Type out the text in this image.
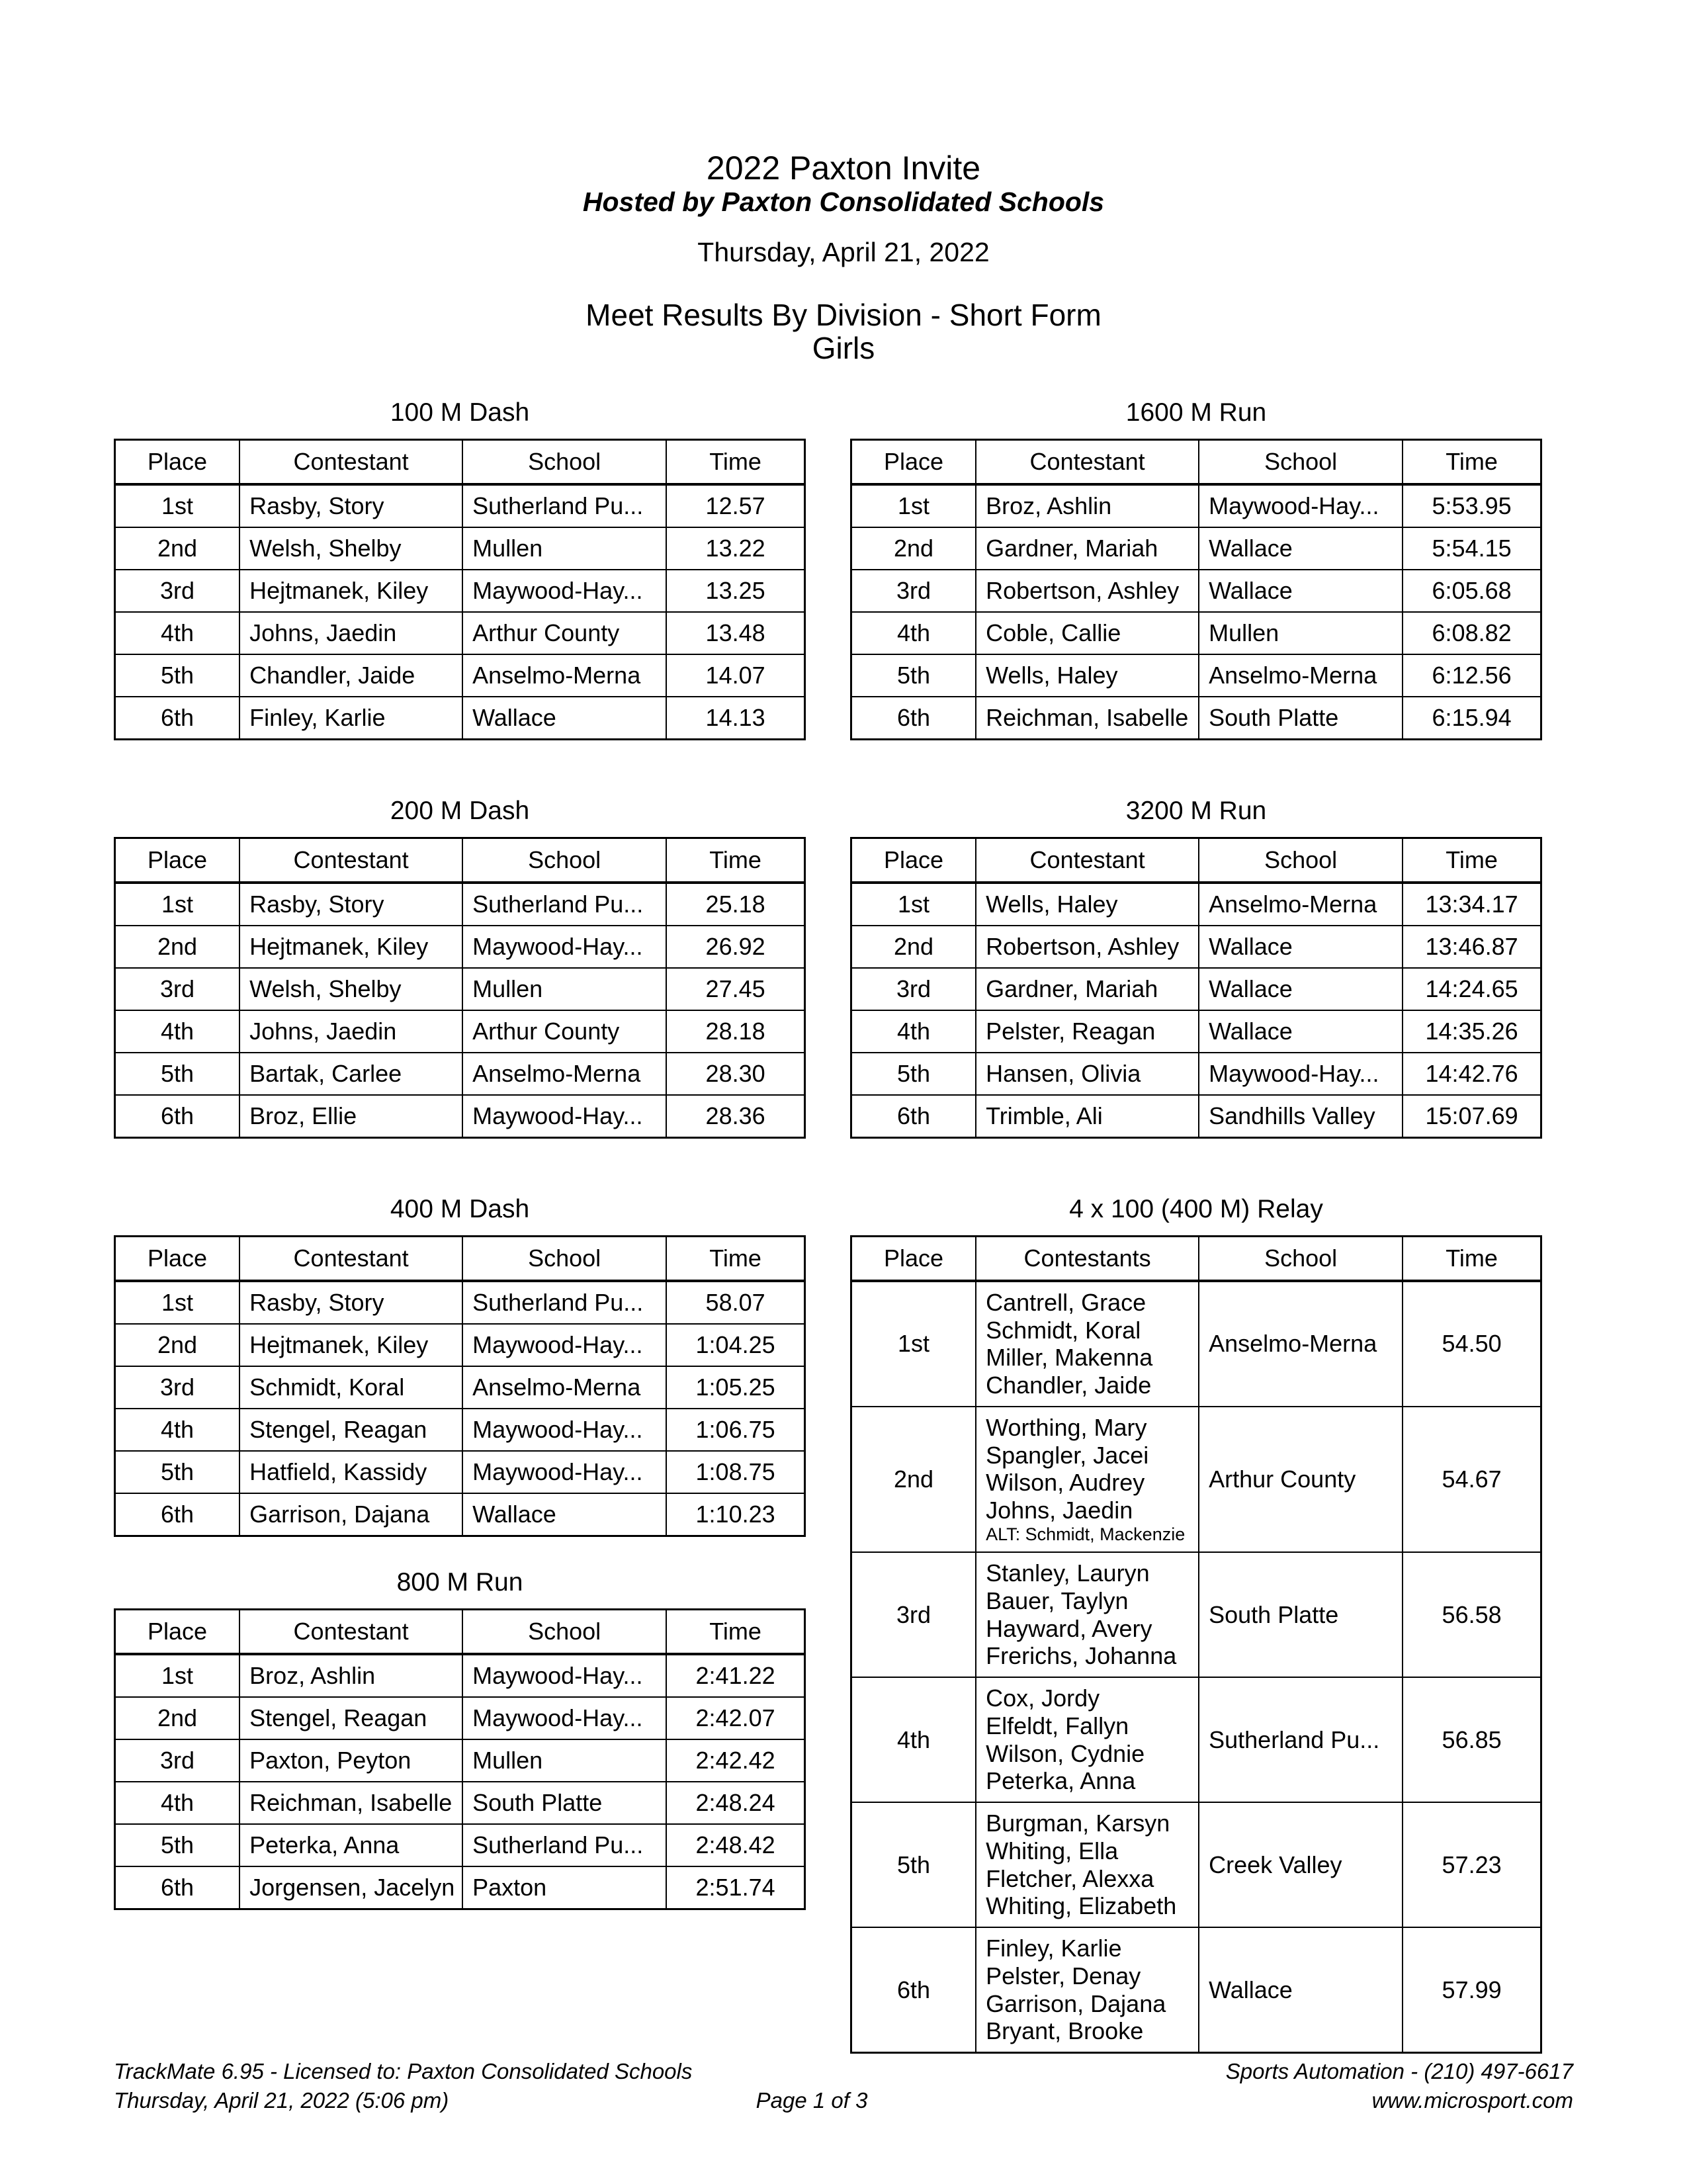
2022 Paxton Invite
Hosted by Paxton Consolidated Schools
Thursday, April 21, 2022
Meet Results By Division - Short Form
Girls
100 M Dash
Place	Contestant	School	Time
1st	Rasby, Story	Sutherland Pu...	12.57
2nd	Welsh, Shelby	Mullen	13.22
3rd	Hejtmanek, Kiley	Maywood-Hay...	13.25
4th	Johns, Jaedin	Arthur County	13.48
5th	Chandler, Jaide	Anselmo-Merna	14.07
6th	Finley, Karlie	Wallace	14.13
200 M Dash
Place	Contestant	School	Time
1st	Rasby, Story	Sutherland Pu...	25.18
2nd	Hejtmanek, Kiley	Maywood-Hay...	26.92
3rd	Welsh, Shelby	Mullen	27.45
4th	Johns, Jaedin	Arthur County	28.18
5th	Bartak, Carlee	Anselmo-Merna	28.30
6th	Broz, Ellie	Maywood-Hay...	28.36
400 M Dash
Place	Contestant	School	Time
1st	Rasby, Story	Sutherland Pu...	58.07
2nd	Hejtmanek, Kiley	Maywood-Hay...	1:04.25
3rd	Schmidt, Koral	Anselmo-Merna	1:05.25
4th	Stengel, Reagan	Maywood-Hay...	1:06.75
5th	Hatfield, Kassidy	Maywood-Hay...	1:08.75
6th	Garrison, Dajana	Wallace	1:10.23
800 M Run
Place	Contestant	School	Time
1st	Broz, Ashlin	Maywood-Hay...	2:41.22
2nd	Stengel, Reagan	Maywood-Hay...	2:42.07
3rd	Paxton, Peyton	Mullen	2:42.42
4th	Reichman, Isabelle	South Platte	2:48.24
5th	Peterka, Anna	Sutherland Pu...	2:48.42
6th	Jorgensen, Jacelyn	Paxton	2:51.74
1600 M Run
Place	Contestant	School	Time
1st	Broz, Ashlin	Maywood-Hay...	5:53.95
2nd	Gardner, Mariah	Wallace	5:54.15
3rd	Robertson, Ashley	Wallace	6:05.68
4th	Coble, Callie	Mullen	6:08.82
5th	Wells, Haley	Anselmo-Merna	6:12.56
6th	Reichman, Isabelle	South Platte	6:15.94
3200 M Run
Place	Contestant	School	Time
1st	Wells, Haley	Anselmo-Merna	13:34.17
2nd	Robertson, Ashley	Wallace	13:46.87
3rd	Gardner, Mariah	Wallace	14:24.65
4th	Pelster, Reagan	Wallace	14:35.26
5th	Hansen, Olivia	Maywood-Hay...	14:42.76
6th	Trimble, Ali	Sandhills Valley	15:07.69
4 x 100 (400 M) Relay
Place	Contestants	School	Time
1st	Cantrell, Grace
Schmidt, Koral
Miller, Makenna
Chandler, Jaide	Anselmo-Merna	54.50
2nd	Worthing, Mary
Spangler, Jacei
Wilson, Audrey
Johns, Jaedin
ALT: Schmidt, Mackenzie	Arthur County	54.67
3rd	Stanley, Lauryn
Bauer, Taylyn
Hayward, Avery
Frerichs, Johanna	South Platte	56.58
4th	Cox, Jordy
Elfeldt, Fallyn
Wilson, Cydnie
Peterka, Anna	Sutherland Pu...	56.85
5th	Burgman, Karsyn
Whiting, Ella
Fletcher, Alexxa
Whiting, Elizabeth	Creek Valley	57.23
6th	Finley, Karlie
Pelster, Denay
Garrison, Dajana
Bryant, Brooke	Wallace	57.99
TrackMate 6.95 - Licensed to: Paxton Consolidated Schools	Sports Automation - (210) 497-6617
Thursday, April 21, 2022 (5:06 pm)	Page 1 of 3	www.microsport.com
